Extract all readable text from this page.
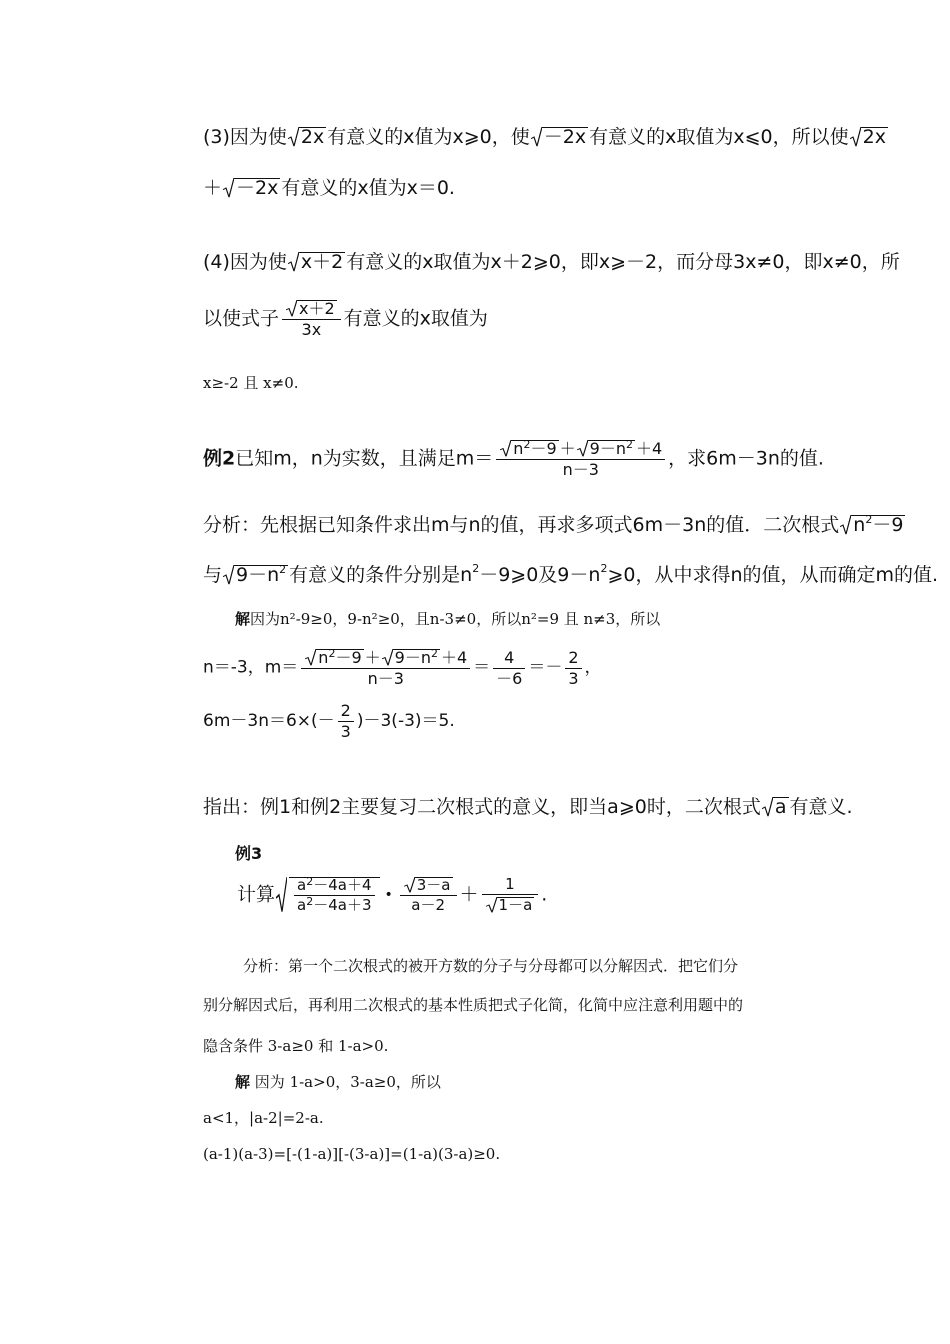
(3)因为使 2x 有意义的x值为x⩾0，使 －2x 有意义的x取值为x⩽0，所以使 2x
＋ －2x 有意义的x值为x＝0.
(4)因为使 x＋2 有意义的x取值为x＋2⩾0，即x⩾－2，而分母3x≠0，即x≠0，所
以使式子 $\frac{x+2}{3x}$ 有意义的x取值为
x≥-2 且 x≠0.
例2已知m，n为实数，且满足$m= \frac{n^2-9 + 9-n^2 +4}{n-3}$ ，求6m－3n的值.
分析：先根据已知条件求出m与n的值，再求多项式6m－3n的值．二次根式 $n^2-9$
与 $9-n^2$ 有意义的条件分别是$n^2-9⩾0$及$9-n^2⩾0$，从中求得n的值，从而确定m的值.
解因为n²-9≥0，9-n²≥0，且n-3≠0，所以n²=9 且 n≠3，所以
n＝-3，$m= \frac{n^2-9 + 9-n^2 +4}{n-3} = \frac{4}{-6} =- \frac{2}{3}$ ，
$6m-3n=6\times(- \frac{2}{3} )-3(-3)=5$.
指出：例1和例2主要复习二次根式的意义，即当a⩾0时，二次根式 a 有意义.
例3
计算 $\frac{a^2-4a+4}{a^2-4a+3}$ • $\frac{3-a}{a-2} + \frac{1}{1-a}$ .
分析：第一个二次根式的被开方数的分子与分母都可以分解因式．把它们分
别分解因式后，再利用二次根式的基本性质把式子化简，化简中应注意利用题中的
隐含条件 3-a≥0 和 1-a>0.
解 因为 1-a>0，3-a≥0，所以
a<1，|a-2|=2-a.
(a-1)(a-3)=[-(1-a)][-(3-a)]=(1-a)(3-a)≥0.
